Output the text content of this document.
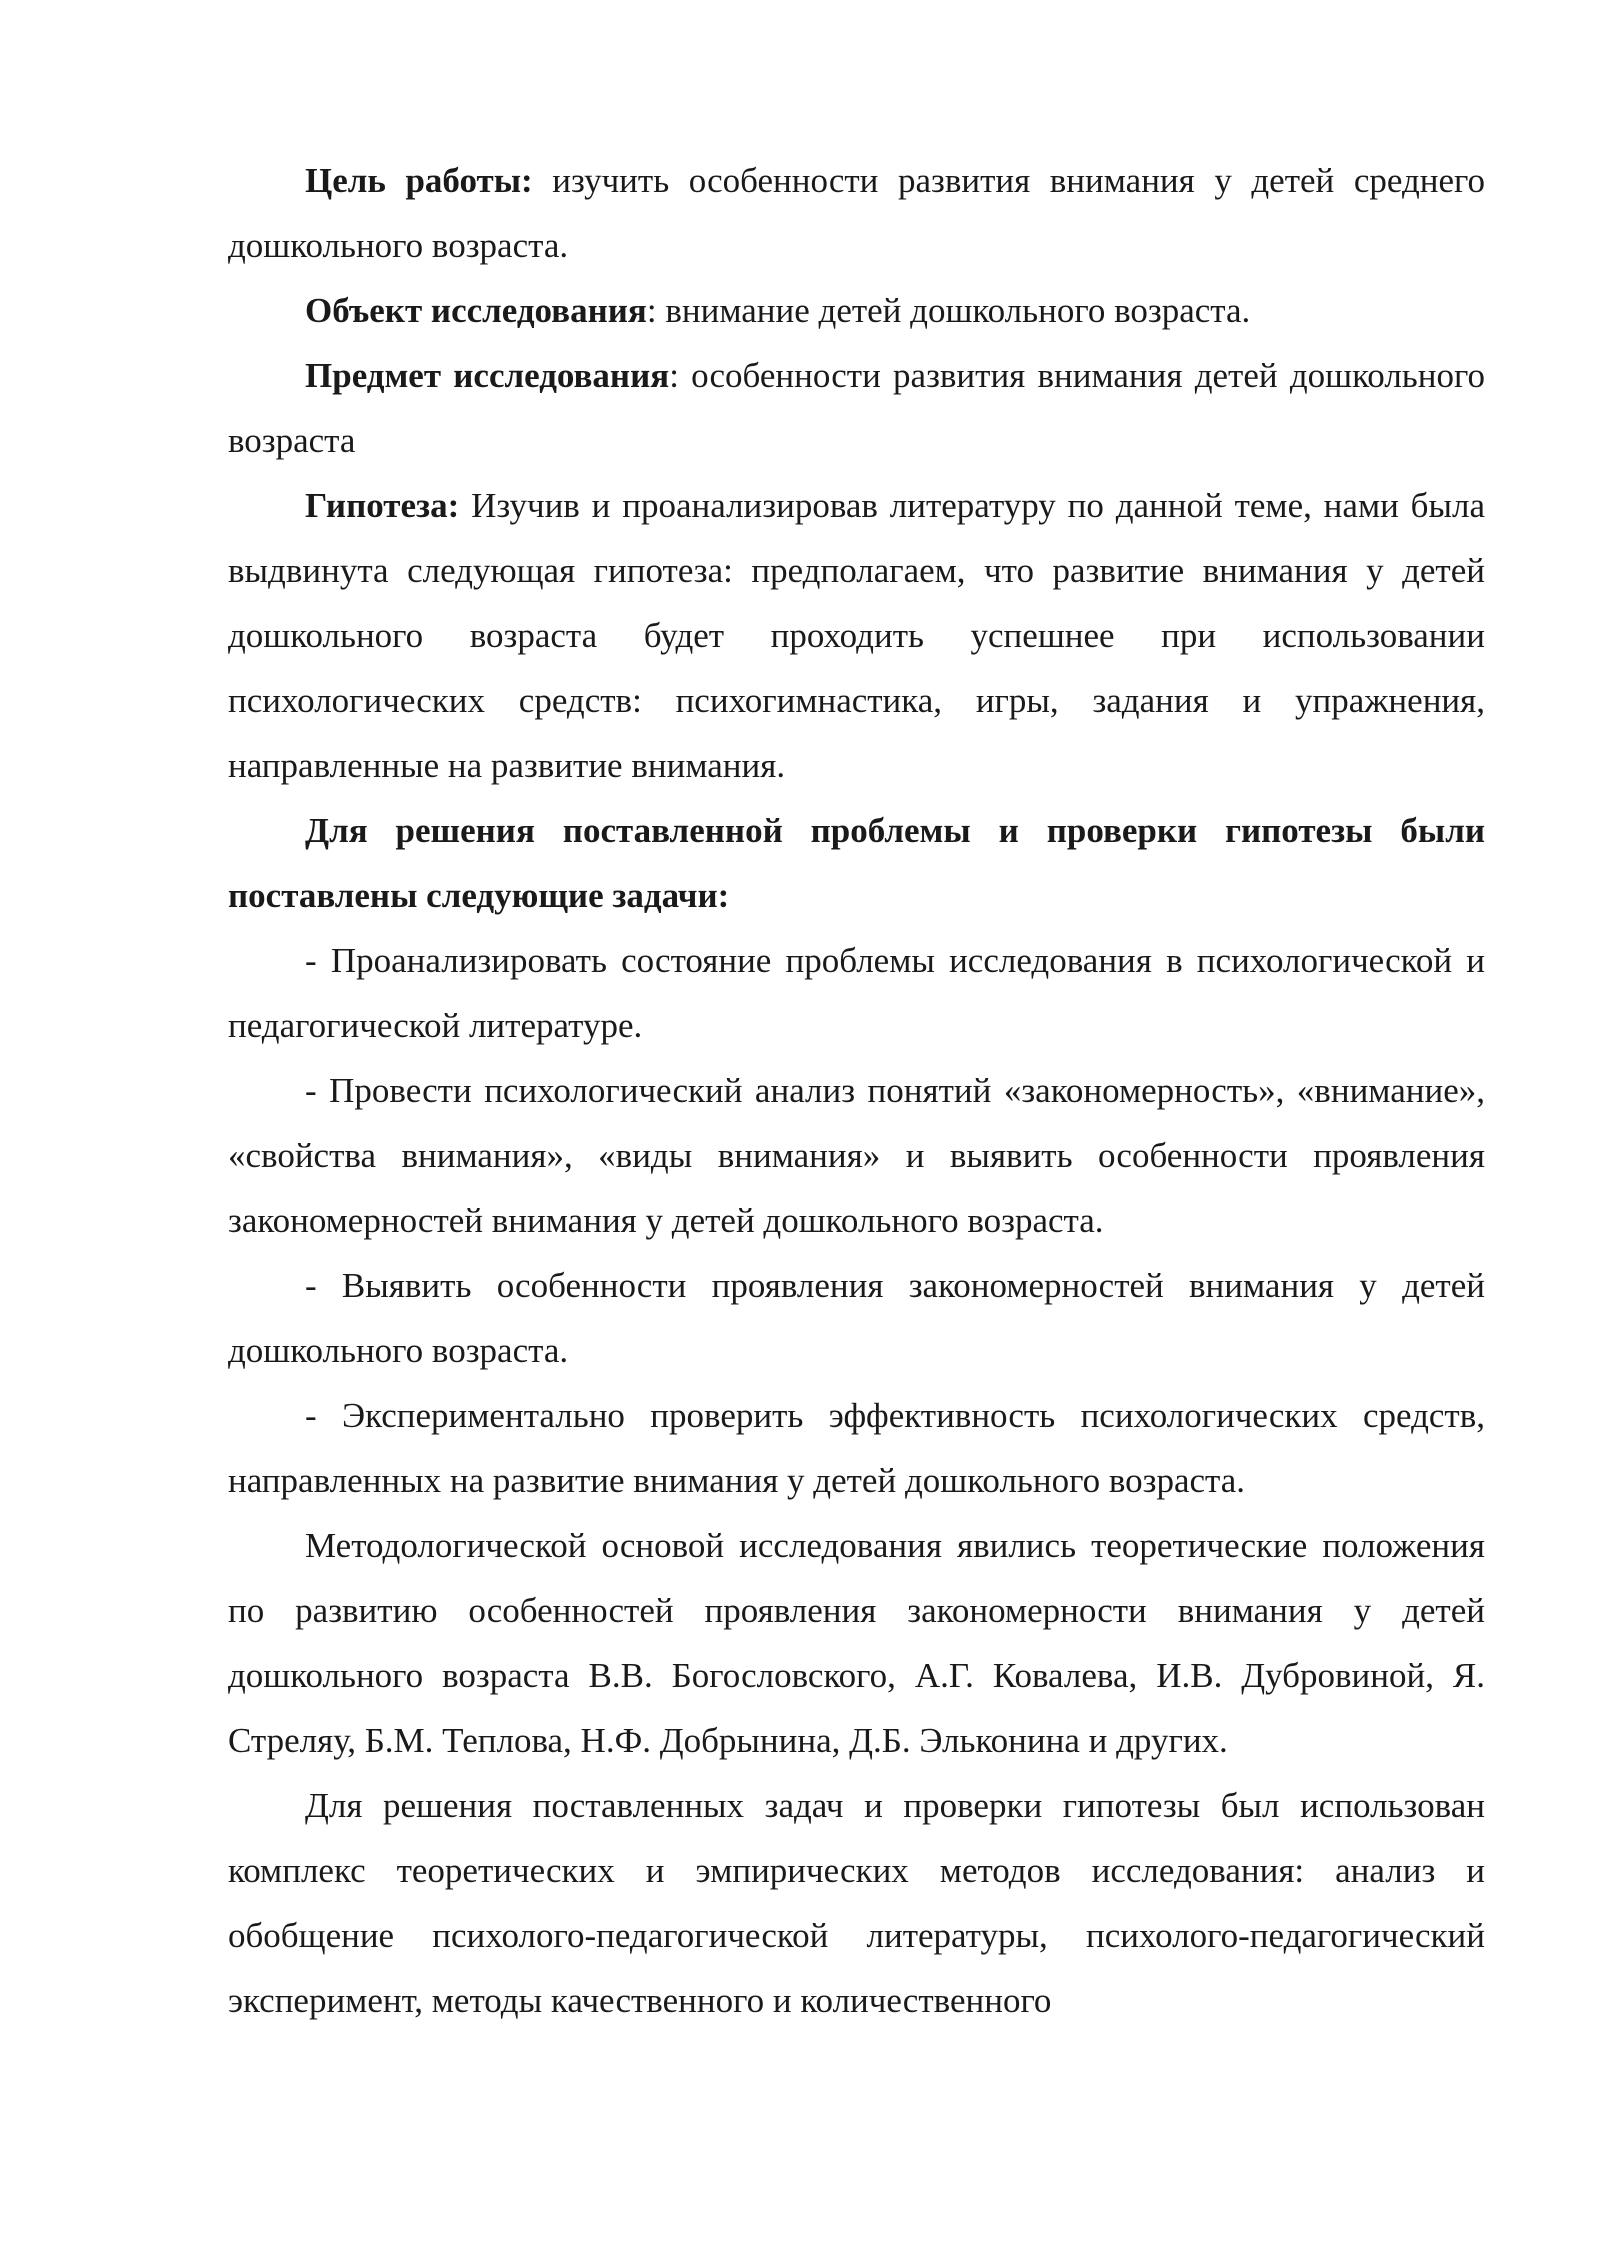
Цель работы: изучить особенности развития внимания у детей среднего дошкольного возраста.

Объект исследования: внимание детей дошкольного возраста.

Предмет исследования: особенности развития внимания детей дошкольного возраста

Гипотеза: Изучив и проанализировав литературу по данной теме, нами была выдвинута следующая гипотеза: предполагаем, что развитие внимания у детей дошкольного возраста будет проходить успешнее при использовании психологических средств: психогимнастика, игры, задания и упражнения, направленные на развитие внимания.

Для решения поставленной проблемы и проверки гипотезы были поставлены следующие задачи:

- Проанализировать состояние проблемы исследования в психологической и педагогической литературе.

- Провести психологический анализ понятий «закономерность», «внимание», «свойства внимания», «виды внимания» и выявить особенности проявления закономерностей внимания у детей дошкольного возраста.

- Выявить особенности проявления закономерностей внимания у детей дошкольного возраста.

- Экспериментально проверить эффективность психологических средств, направленных на развитие внимания у детей дошкольного возраста.

Методологической основой исследования явились теоретические положения по развитию особенностей проявления закономерности внимания у детей дошкольного возраста В.В. Богословского, А.Г. Ковалева, И.В. Дубровиной, Я. Стреляу, Б.М. Теплова, Н.Ф. Добрынина, Д.Б. Эльконина и других.

Для решения поставленных задач и проверки гипотезы был использован комплекс теоретических и эмпирических методов исследования: анализ и обобщение психолого-педагогической литературы, психолого-педагогический эксперимент, методы качественного и количественного
